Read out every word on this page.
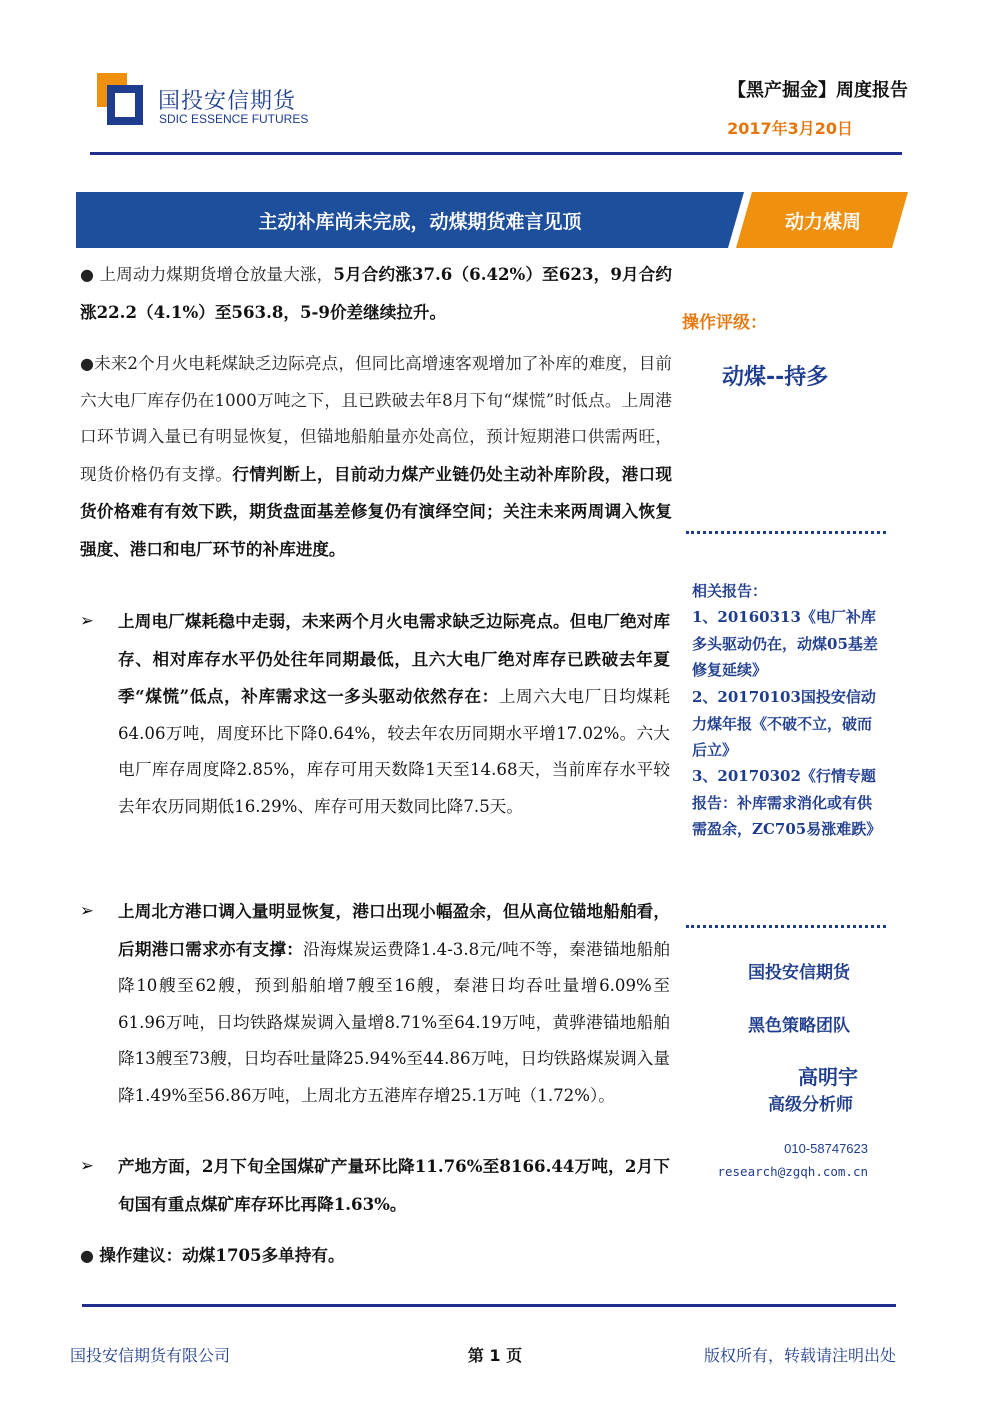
国投安信期货
SDIC ESSENCE FUTURES
【黑产掘金】周度报告
2017年3月20日
主动补库尚未完成，动煤期货难言见顶	动力煤周
● 上周动力煤期货增仓放量大涨，5月合约涨37.6（6.42%）至623，9月合约涨22.2（4.1%）至563.8，5-9价差继续拉升。
●未来2个月火电耗煤缺乏边际亮点，但同比高增速客观增加了补库的难度，目前六大电厂库存仍在1000万吨之下，且已跌破去年8月下旬“煤慌”时低点。上周港口环节调入量已有明显恢复，但锚地船舶量亦处高位，预计短期港口供需两旺，现货价格仍有支撑。行情判断上，目前动力煤产业链仍处主动补库阶段，港口现货价格难有有效下跌，期货盘面基差修复仍有演绎空间；关注未来两周调入恢复强度、港口和电厂环节的补库进度。
➢	上周电厂煤耗稳中走弱，未来两个月火电需求缺乏边际亮点。但电厂绝对库存、相对库存水平仍处往年同期最低，且六大电厂绝对库存已跌破去年夏季“煤慌”低点，补库需求这一多头驱动依然存在：上周六大电厂日均煤耗64.06万吨，周度环比下降0.64%，较去年农历同期水平增17.02%。六大电厂库存周度降2.85%，库存可用天数降1天至14.68天，当前库存水平较去年农历同期低16.29%、库存可用天数同比降7.5天。
➢	上周北方港口调入量明显恢复，港口出现小幅盈余，但从高位锚地船舶看，后期港口需求亦有支撑：沿海煤炭运费降1.4-3.8元/吨不等，秦港锚地船舶降10艘至62艘，预到船舶增7艘至16艘，秦港日均吞吐量增6.09%至61.96万吨，日均铁路煤炭调入量增8.71%至64.19万吨，黄骅港锚地船舶降13艘至73艘，日均吞吐量降25.94%至44.86万吨，日均铁路煤炭调入量降1.49%至56.86万吨，上周北方五港库存增25.1万吨（1.72%）。
➢	产地方面，2月下旬全国煤矿产量环比降11.76%至8166.44万吨，2月下旬国有重点煤矿库存环比再降1.63%。
● 操作建议：动煤1705多单持有。
操作评级：
动煤--持多
相关报告：
1、20160313《电厂补库多头驱动仍在，动煤05基差修复延续》
2、20170103国投安信动力煤年报《不破不立，破而后立》
3、20170302《行情专题报告：补库需求消化或有供需盈余，ZC705易涨难跌》
国投安信期货
黑色策略团队
高明宇
高级分析师
010-58747623
research@zgqh.com.cn
国投安信期货有限公司	第 1 页	版权所有，转载请注明出处
